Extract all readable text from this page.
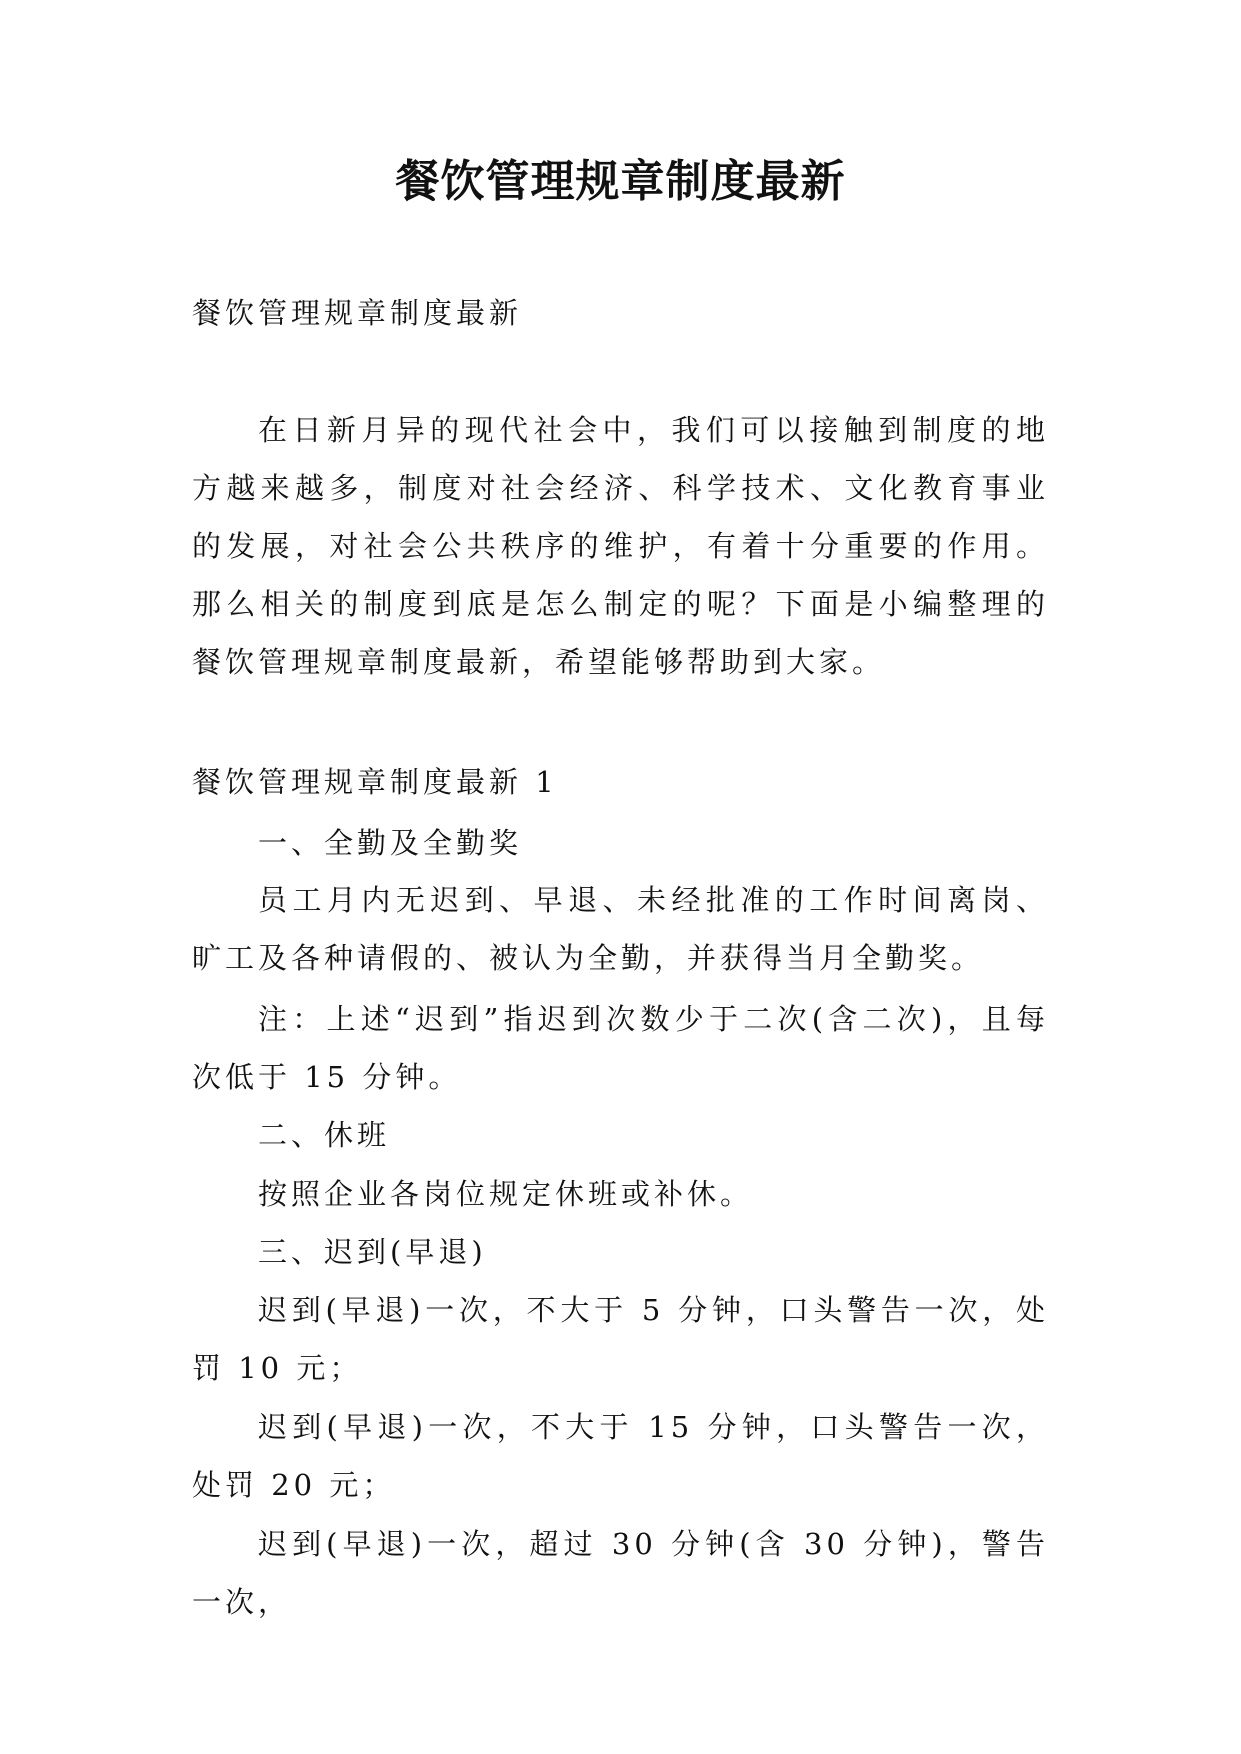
餐饮管理规章制度最新

餐饮管理规章制度最新

在日新月异的现代社会中，我们可以接触到制度的地方越来越多，制度对社会经济、科学技术、文化教育事业的发展，对社会公共秩序的维护，有着十分重要的作用。那么相关的制度到底是怎么制定的呢？下面是小编整理的餐饮管理规章制度最新，希望能够帮助到大家。

餐饮管理规章制度最新 1

一、全勤及全勤奖

员工月内无迟到、早退、未经批准的工作时间离岗、旷工及各种请假的、被认为全勤，并获得当月全勤奖。

注：上述“迟到”指迟到次数少于二次(含二次)，且每次低于 15 分钟。

二、休班

按照企业各岗位规定休班或补休。

三、迟到(早退)

迟到(早退)一次，不大于 5 分钟，口头警告一次，处罚 10 元；

迟到(早退)一次，不大于 15 分钟，口头警告一次，处罚 20 元；

迟到(早退)一次，超过 30 分钟(含 30 分钟)，警告一次，
